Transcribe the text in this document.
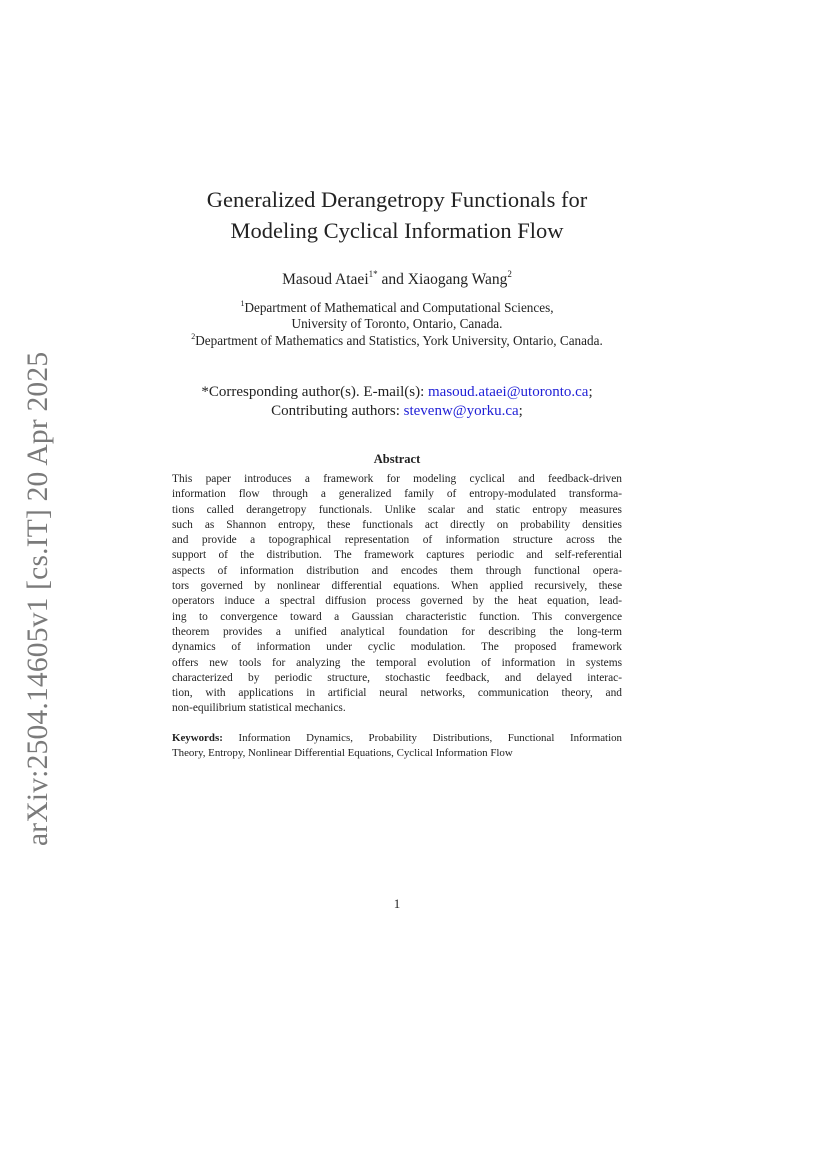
arXiv:2504.14605v1 [cs.IT] 20 Apr 2025
Generalized Derangetropy Functionals for
Modeling Cyclical Information Flow
Masoud Ataei$^{1*}$ and Xiaogang Wang$^2$
$^1$Department of Mathematical and Computational Sciences,
University of Toronto, Ontario, Canada.
$^2$Department of Mathematics and Statistics, York University, Ontario, Canada.
*Corresponding author(s). E-mail(s): masoud.ataei@utoronto.ca;
Contributing authors: stevenw@yorku.ca;
Abstract
This paper introduces a framework for modeling cyclical and feedback-driven
information flow through a generalized family of entropy-modulated transforma-
tions called derangetropy functionals. Unlike scalar and static entropy measures
such as Shannon entropy, these functionals act directly on probability densities
and provide a topographical representation of information structure across the
support of the distribution. The framework captures periodic and self-referential
aspects of information distribution and encodes them through functional opera-
tors governed by nonlinear differential equations. When applied recursively, these
operators induce a spectral diffusion process governed by the heat equation, lead-
ing to convergence toward a Gaussian characteristic function. This convergence
theorem provides a unified analytical foundation for describing the long-term
dynamics of information under cyclic modulation. The proposed framework
offers new tools for analyzing the temporal evolution of information in systems
characterized by periodic structure, stochastic feedback, and delayed interac-
tion, with applications in artificial neural networks, communication theory, and
non-equilibrium statistical mechanics.
Keywords: Information Dynamics, Probability Distributions, Functional Information
Theory, Entropy, Nonlinear Differential Equations, Cyclical Information Flow
1
